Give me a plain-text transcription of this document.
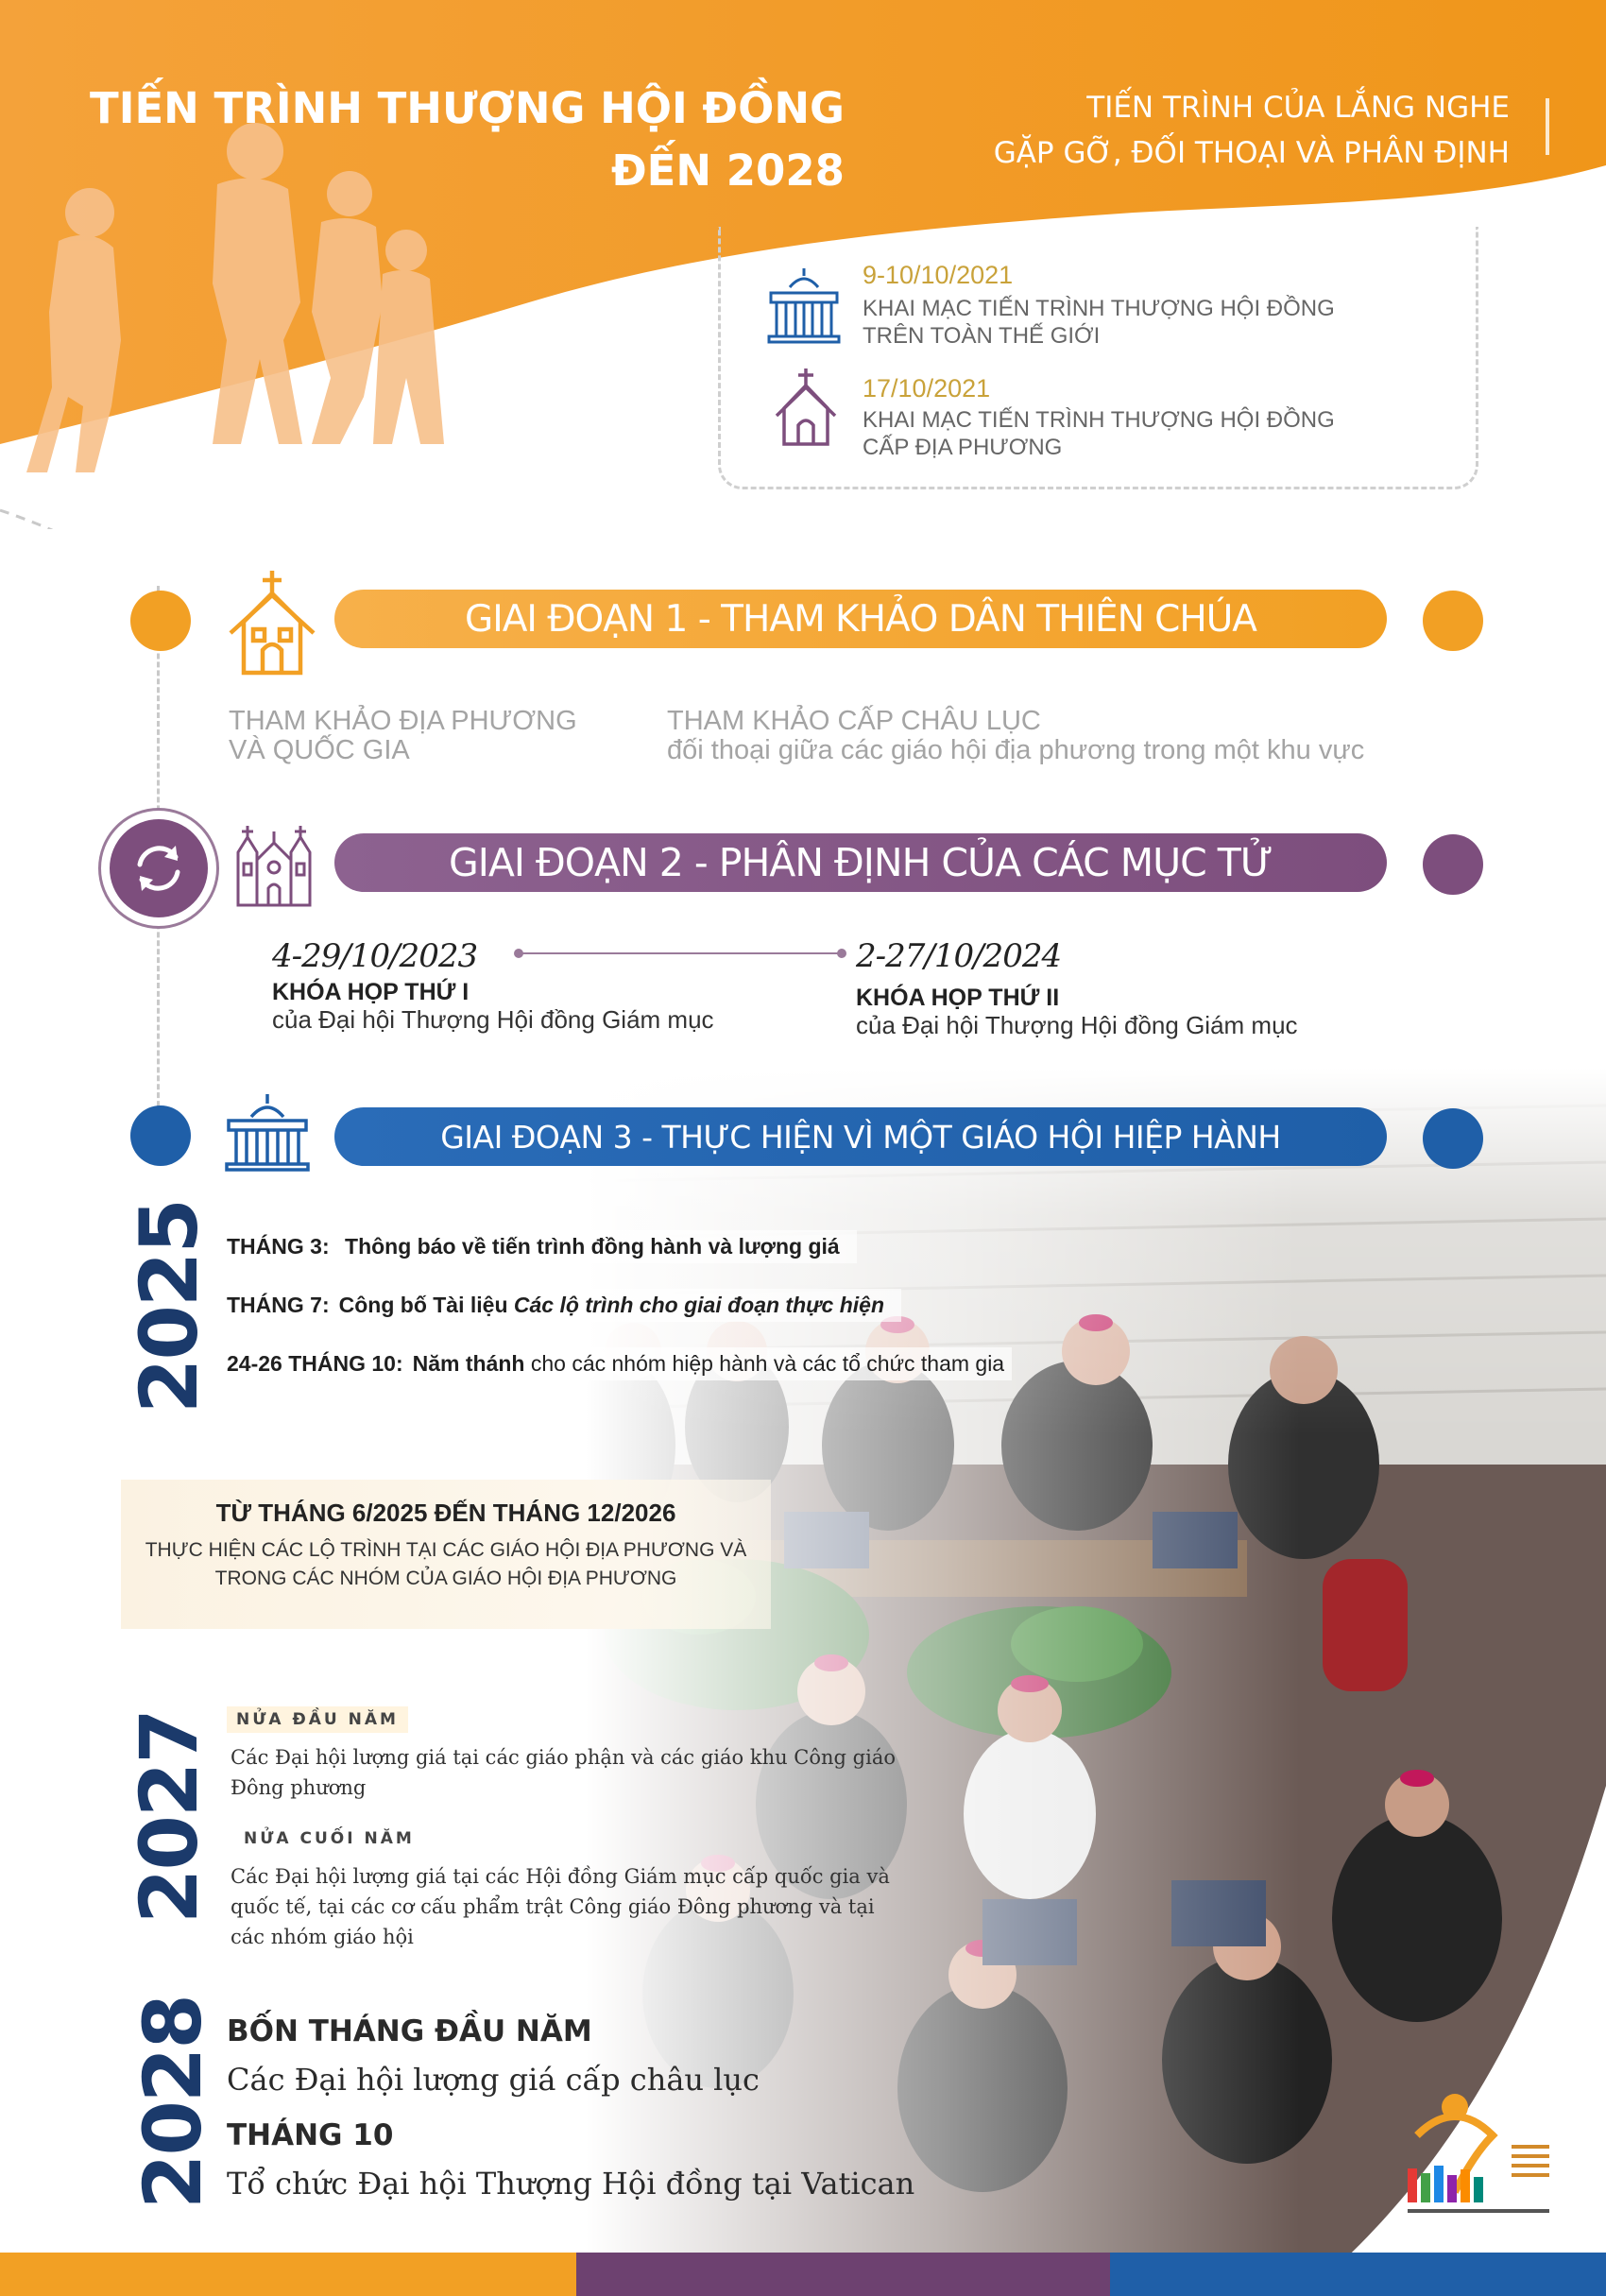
TIẾN TRÌNH THƯỢNG HỘI ĐỒNG
ĐẾN 2028
TIẾN TRÌNH CỦA LẮNG NGHE
GẶP GỠ, ĐỐI THOẠI VÀ PHÂN ĐỊNH
9-10/10/2021
KHAI MẠC TIẾN TRÌNH THƯỢNG HỘI ĐỒNG
TRÊN TOÀN THẾ GIỚI
17/10/2021
KHAI MẠC TIẾN TRÌNH THƯỢNG HỘI ĐỒNG
CẤP ĐỊA PHƯƠNG
GIAI ĐOẠN 1 - THAM KHẢO DÂN THIÊN CHÚA
THAM KHẢO ĐỊA PHƯƠNG
VÀ QUỐC GIA
THAM KHẢO CẤP CHÂU LỤC
đối thoại giữa các giáo hội địa phương trong một khu vực
GIAI ĐOẠN 2 - PHÂN ĐỊNH CỦA CÁC MỤC TỬ
4-29/10/2023
KHÓA HỌP THỨ I
của Đại hội Thượng Hội đồng Giám mục
2-27/10/2024
KHÓA HỌP THỨ II
của Đại hội Thượng Hội đồng Giám mục
GIAI ĐOẠN 3 - THỰC HIỆN VÌ MỘT GIÁO HỘI HIỆP HÀNH
2025 THÁNG 3: Thông báo về tiến trình đồng hành và lượng giá
THÁNG 7: Công bố Tài liệu Các lộ trình cho giai đoạn thực hiện
24-26 THÁNG 10: Năm thánh cho các nhóm hiệp hành và các tổ chức tham gia
TỪ THÁNG 6/2025 ĐẾN THÁNG 12/2026
THỰC HIỆN CÁC LỘ TRÌNH TẠI CÁC GIÁO HỘI ĐỊA PHƯƠNG VÀ
TRONG CÁC NHÓM CỦA GIÁO HỘI ĐỊA PHƯƠNG
2027	NỬA ĐẦU NĂM
Các Đại hội lượng giá tại các giáo phận và các giáo khu Công giáo
Đông phương
NỬA CUỐI NĂM
Các Đại hội lượng giá tại các Hội đồng Giám mục cấp quốc gia và
quốc tế, tại các cơ cấu phẩm trật Công giáo Đông phương và tại
các nhóm giáo hội
2028 BỐN THÁNG ĐẦU NĂM
Các Đại hội lượng giá cấp châu lục
THÁNG 10
Tổ chức Đại hội Thượng Hội đồng tại Vatican
